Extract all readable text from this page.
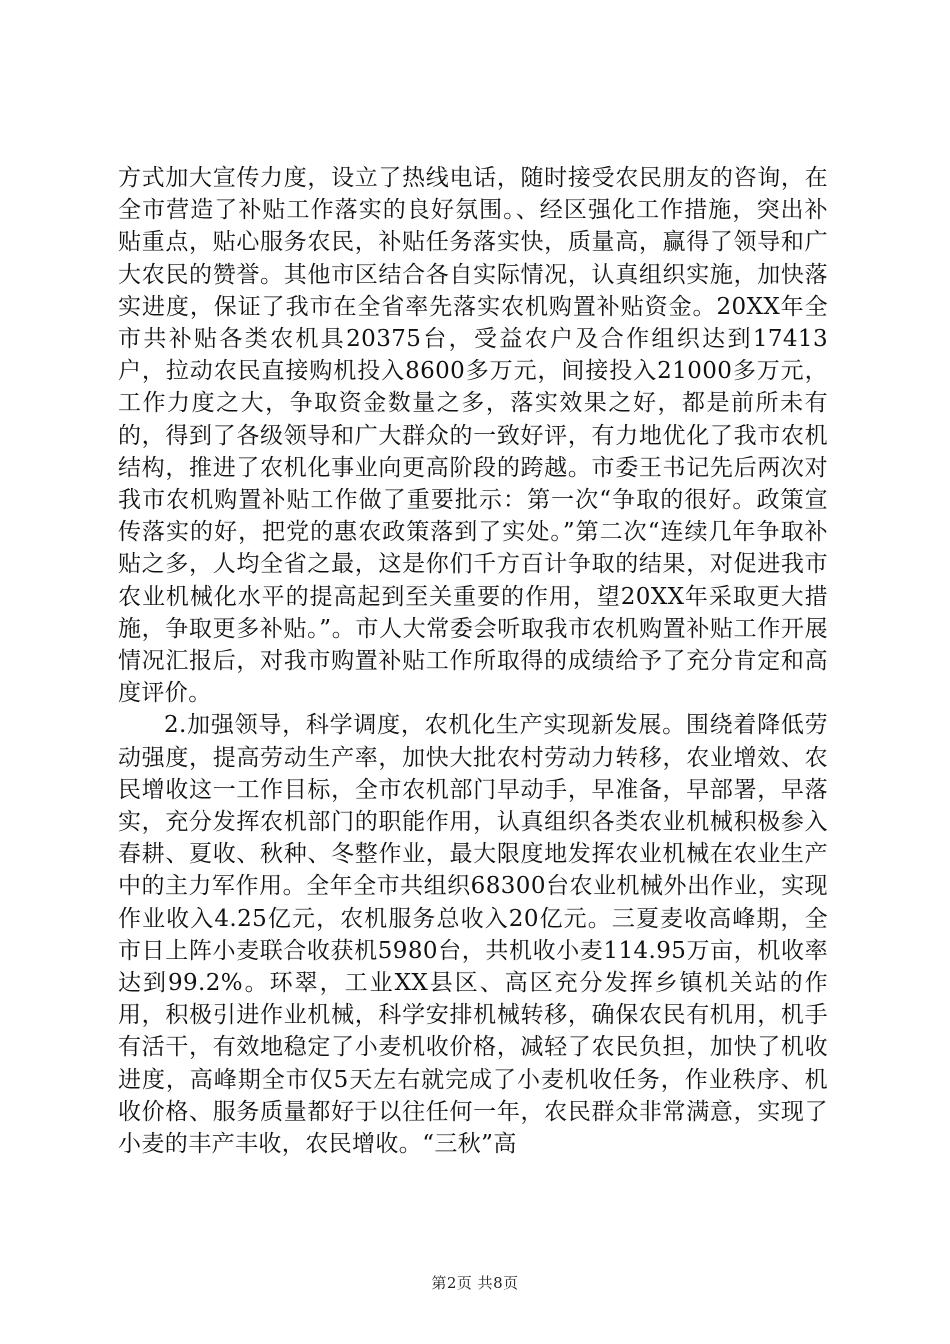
方式加大宣传力度，设立了热线电话，随时接受农民朋友的咨询，在全市营造了补贴工作落实的良好氛围。、经区强化工作措施，突出补贴重点，贴心服务农民，补贴任务落实快，质量高，赢得了领导和广大农民的赞誉。其他市区结合各自实际情况，认真组织实施，加快落实进度，保证了我市在全省率先落实农机购置补贴资金。20XX年全市共补贴各类农机具20375台，受益农户及合作组织达到17413户，拉动农民直接购机投入8600多万元，间接投入21000多万元，工作力度之大，争取资金数量之多，落实效果之好，都是前所未有的，得到了各级领导和广大群众的一致好评，有力地优化了我市农机结构，推进了农机化事业向更高阶段的跨越。市委王书记先后两次对我市农机购置补贴工作做了重要批示：第一次“争取的很好。政策宣传落实的好，把党的惠农政策落到了实处。”第二次“连续几年争取补贴之多，人均全省之最，这是你们千方百计争取的结果，对促进我市农业机械化水平的提高起到至关重要的作用，望20XX年采取更大措施，争取更多补贴。”。市人大常委会听取我市农机购置补贴工作开展情况汇报后，对我市购置补贴工作所取得的成绩给予了充分肯定和高度评价。

2.加强领导，科学调度，农机化生产实现新发展。围绕着降低劳动强度，提高劳动生产率，加快大批农村劳动力转移，农业增效、农民增收这一工作目标，全市农机部门早动手，早准备，早部署，早落实，充分发挥农机部门的职能作用，认真组织各类农业机械积极参入春耕、夏收、秋种、冬整作业，最大限度地发挥农业机械在农业生产中的主力军作用。全年全市共组织68300台农业机械外出作业，实现作业收入4.25亿元，农机服务总收入20亿元。三夏麦收高峰期，全市日上阵小麦联合收获机5980台，共机收小麦114.95万亩，机收率达到99.2%。环翠，工业XX县区、高区充分发挥乡镇机关站的作用，积极引进作业机械，科学安排机械转移，确保农民有机用，机手有活干，有效地稳定了小麦机收价格，减轻了农民负担，加快了机收进度，高峰期全市仅5天左右就完成了小麦机收任务，作业秩序、机收价格、服务质量都好于以往任何一年，农民群众非常满意，实现了小麦的丰产丰收，农民增收。“三秋”高

第2页 共8页
